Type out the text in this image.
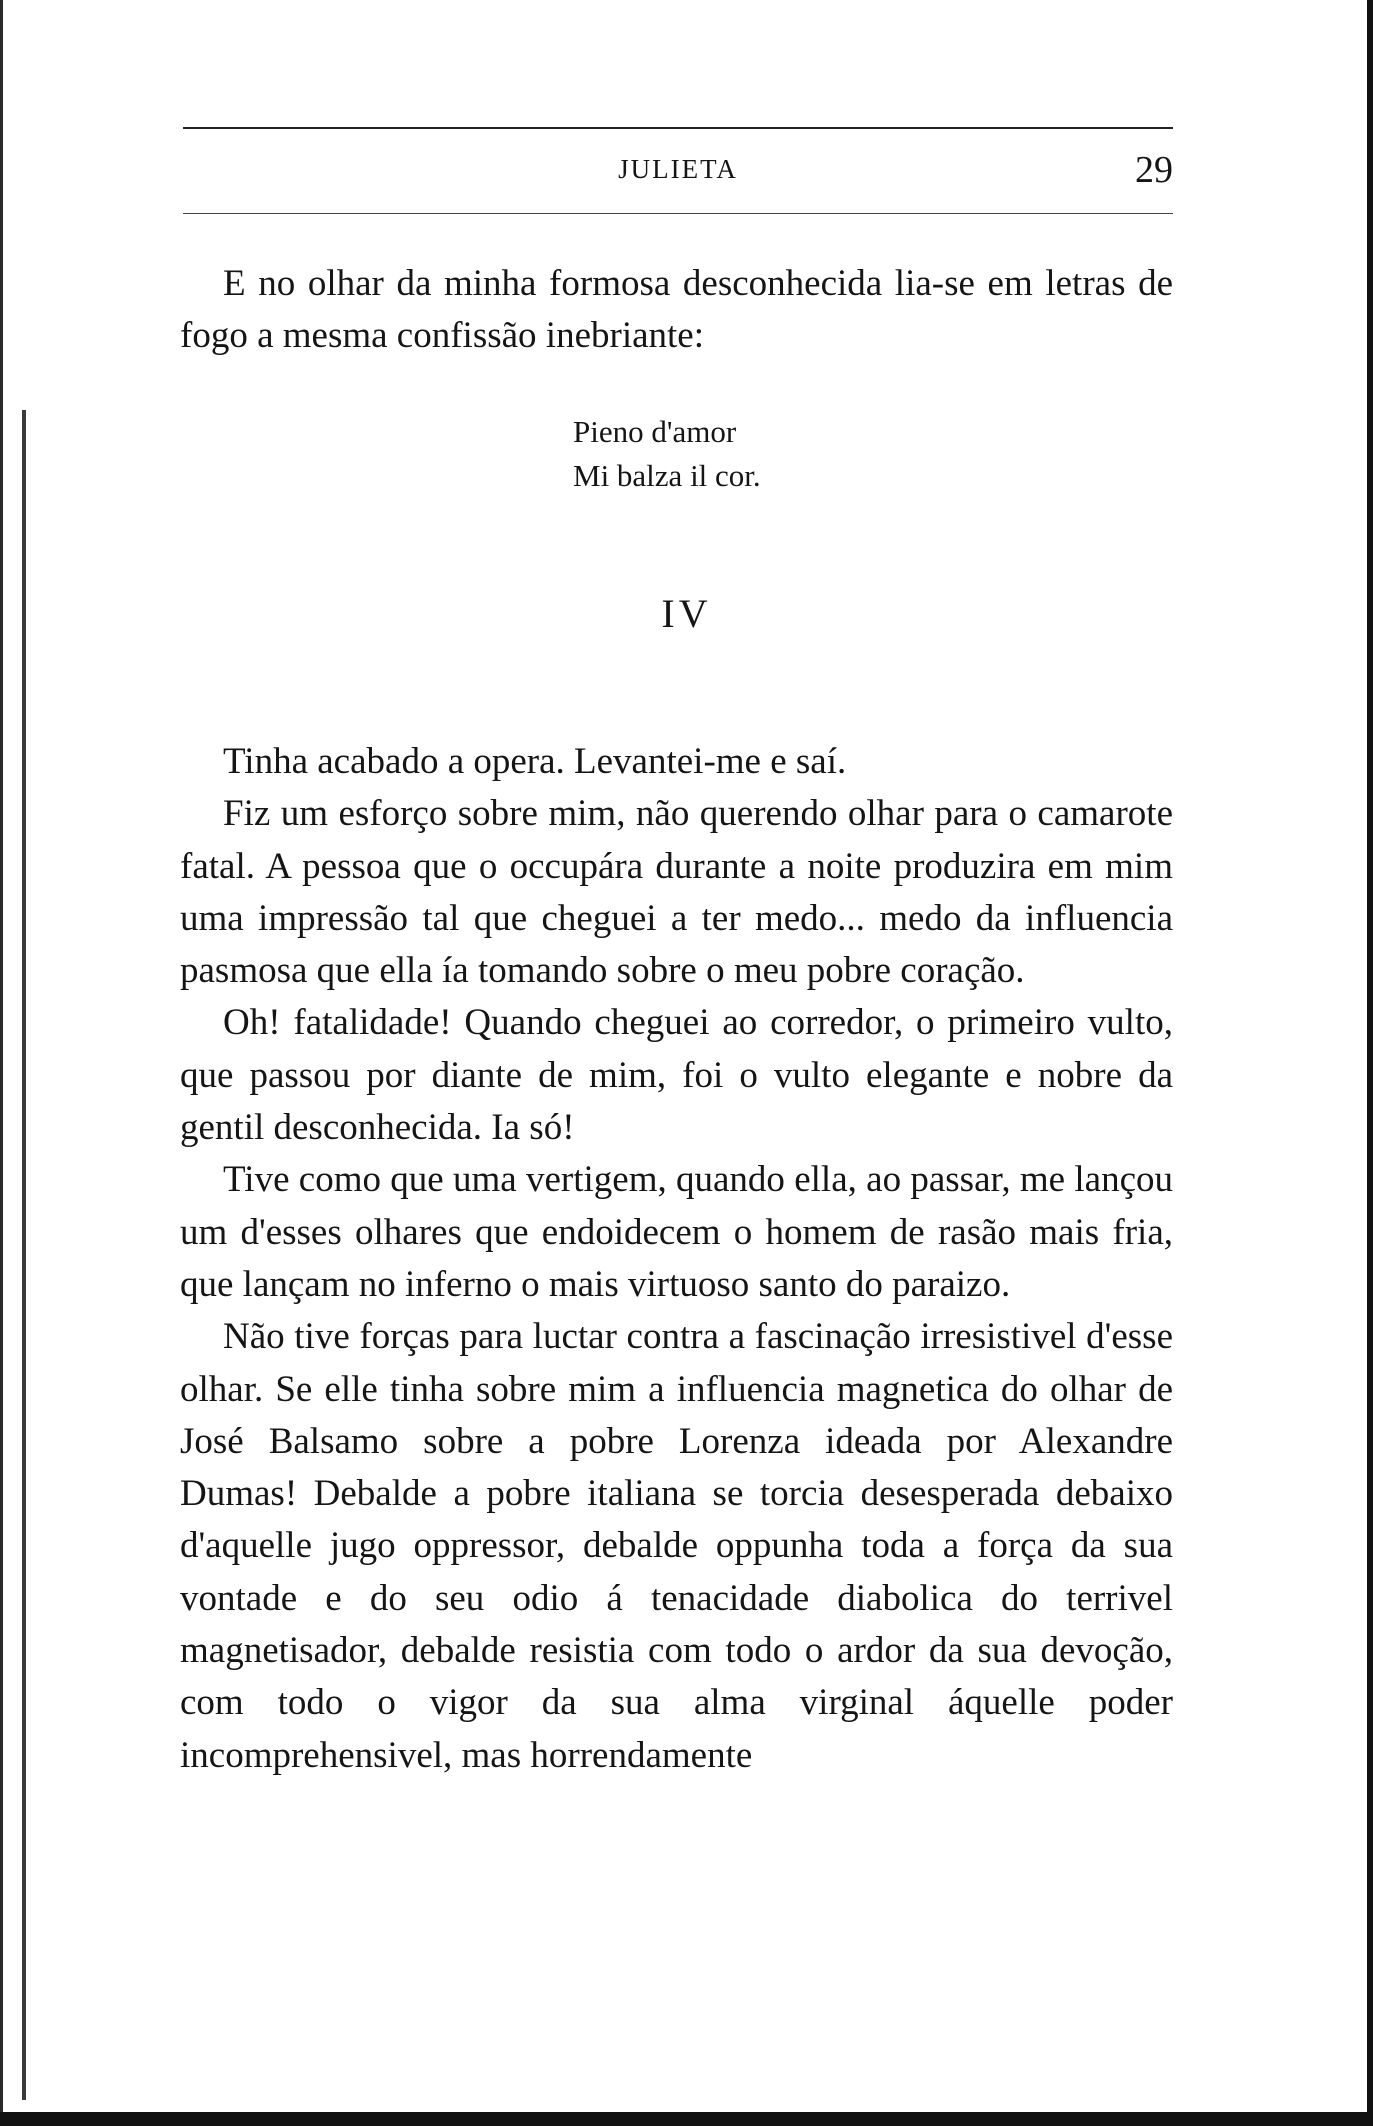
JULIETA	29

E no olhar da minha formosa desconhecida lia-se em letras de fogo a mesma confissão inebriante:

Pieno d'amor
Mi balza il cor.
IV

Tinha acabado a opera. Levantei-me e saí.

Fiz um esforço sobre mim, não querendo olhar para o camarote fatal. A pessoa que o occupára durante a noite produzira em mim uma impressão tal que cheguei a ter medo... medo da influencia pasmosa que ella ía tomando sobre o meu pobre coração.

Oh! fatalidade! Quando cheguei ao corredor, o primeiro vulto, que passou por diante de mim, foi o vulto elegante e nobre da gentil desconhecida. Ia só!

Tive como que uma vertigem, quando ella, ao passar, me lançou um d'esses olhares que endoidecem o homem de rasão mais fria, que lançam no inferno o mais virtuoso santo do paraizo.

Não tive forças para luctar contra a fascinação irresistivel d'esse olhar. Se elle tinha sobre mim a influencia magnetica do olhar de José Balsamo sobre a pobre Lorenza ideada por Alexandre Dumas! Debalde a pobre italiana se torcia desesperada debaixo d'aquelle jugo oppressor, debalde oppunha toda a força da sua vontade e do seu odio á tenacidade diabolica do terrivel magnetisador, debalde resistia com todo o ardor da sua devoção, com todo o vigor da sua alma virginal áquelle poder incomprehensivel, mas horrendamente
